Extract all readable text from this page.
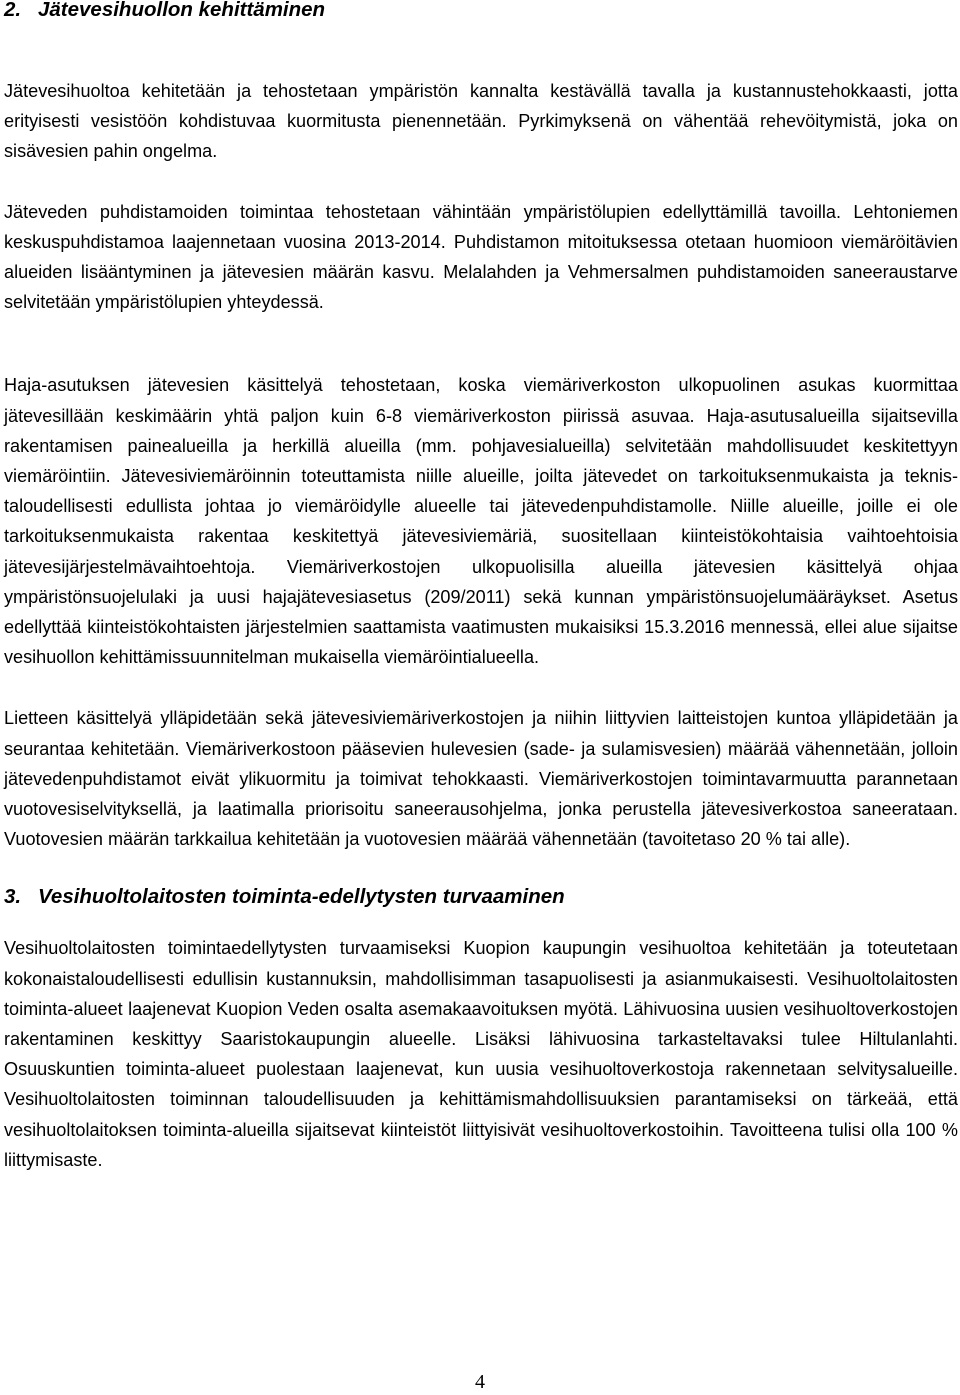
2. Jätevesihuollon kehittäminen

Jätevesihuoltoa kehitetään ja tehostetaan ympäristön kannalta kestävällä tavalla ja kustannustehokkaasti, jotta erityisesti vesistöön kohdistuvaa kuormitusta pienennetään. Pyrkimyksenä on vähentää rehevöitymistä, joka on sisävesien pahin ongelma.

Jäteveden puhdistamoiden toimintaa tehostetaan vähintään ympäristölupien edellyttämillä tavoilla. Lehtoniemen keskuspuhdistamoa laajennetaan vuosina 2013-2014. Puhdistamon mitoituksessa otetaan huomioon viemäröitävien alueiden lisääntyminen ja jätevesien määrän kasvu. Melalahden ja Vehmersalmen puhdistamoiden saneeraustarve selvitetään ympäristölupien yhteydessä.

Haja-asutuksen jätevesien käsittelyä tehostetaan, koska viemäriverkoston ulkopuolinen asukas kuormittaa jätevesillään keskimäärin yhtä paljon kuin 6-8 viemäriverkoston piirissä asuvaa. Haja-asutusalueilla sijaitsevilla rakentamisen painealueilla ja herkillä alueilla (mm. pohjavesialueilla) selvitetään mahdollisuudet keskitettyyn viemäröintiin. Jätevesiviemäröinnin toteuttamista niille alueille, joilta jätevedet on tarkoituksenmukaista ja teknis-taloudellisesti edullista johtaa jo viemäröidylle alueelle tai jätevedenpuhdistamolle. Niille alueille, joille ei ole tarkoituksenmukaista rakentaa keskitettyä jätevesiviemäriä, suositellaan kiinteistökohtaisia vaihtoehtoisia jätevesijärjestelmävaihtoehtoja. Viemäriverkostojen ulkopuolisilla alueilla jätevesien käsittelyä ohjaa ympäristönsuojelulaki ja uusi hajajätevesiasetus (209/2011) sekä kunnan ympäristönsuojelumääräykset. Asetus edellyttää kiinteistökohtaisten järjestelmien saattamista vaatimusten mukaisiksi 15.3.2016 mennessä, ellei alue sijaitse vesihuollon kehittämissuunnitelman mukaisella viemäröintialueella.

Lietteen käsittelyä ylläpidetään sekä jätevesiviemäriverkostojen ja niihin liittyvien laitteistojen kuntoa ylläpidetään ja seurantaa kehitetään. Viemäriverkostoon pääsevien hulevesien (sade- ja sulamisvesien) määrää vähennetään, jolloin jätevedenpuhdistamot eivät ylikuormitu ja toimivat tehokkaasti. Viemäriverkostojen toimintavarmuutta parannetaan vuotovesiselvityksellä, ja laatimalla priorisoitu saneerausohjelma, jonka perustella jätevesiverkostoa saneerataan. Vuotovesien määrän tarkkailua kehitetään ja vuotovesien määrää vähennetään (tavoitetaso 20 % tai alle).

3. Vesihuoltolaitosten toiminta-edellytysten turvaaminen

Vesihuoltolaitosten toimintaedellytysten turvaamiseksi Kuopion kaupungin vesihuoltoa kehitetään ja toteutetaan kokonaistaloudellisesti edullisin kustannuksin, mahdollisimman tasapuolisesti ja asianmukaisesti. Vesihuoltolaitosten toiminta-alueet laajenevat Kuopion Veden osalta asemakaavoituksen myötä. Lähivuosina uusien vesihuoltoverkostojen rakentaminen keskittyy Saaristokaupungin alueelle. Lisäksi lähivuosina tarkasteltavaksi tulee Hiltulanlahti. Osuuskuntien toiminta-alueet puolestaan laajenevat, kun uusia vesihuoltoverkostoja rakennetaan selvitysalueille. Vesihuoltolaitosten toiminnan taloudellisuuden ja kehittämismahdollisuuksien parantamiseksi on tärkeää, että vesihuoltolaitoksen toiminta-alueilla sijaitsevat kiinteistöt liittyisivät vesihuoltoverkostoihin. Tavoitteena tulisi olla 100 % liittymisaste.

4
